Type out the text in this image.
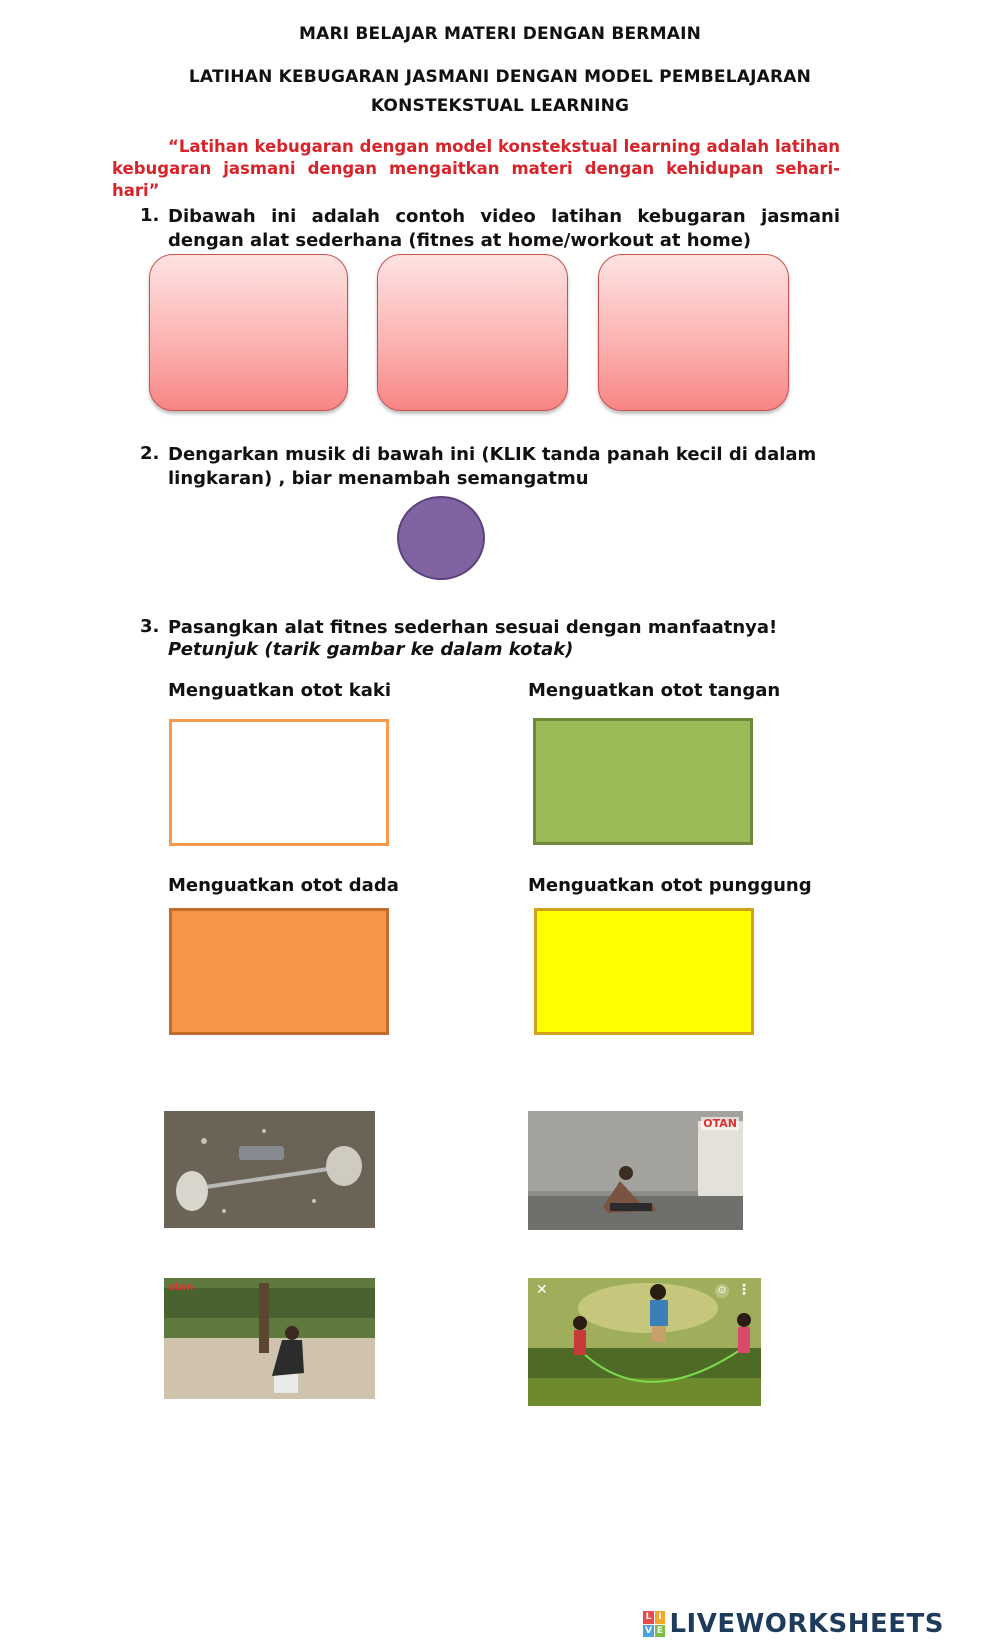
MARI BELAJAR MATERI DENGAN BERMAIN
LATIHAN KEBUGARAN JASMANI DENGAN MODEL PEMBELAJARAN
KONSTEKSTUAL LEARNING
“Latihan kebugaran dengan model konstekstual learning adalah latihan kebugaran jasmani dengan mengaitkan materi dengan kehidupan sehari-hari”
1. Dibawah ini adalah contoh video latihan kebugaran jasmani dengan alat sederhana (fitnes at home/workout at home)
2. Dengarkan musik di bawah ini (KLIK tanda panah kecil di dalam lingkaran) , biar menambah semangatmu
3. Pasangkan alat fitnes sederhan sesuai dengan manfaatnya!
Petunjuk (tarik gambar ke dalam kotak)
Menguatkan otot kaki	Menguatkan otot tangan
Menguatkan otot dada	Menguatkan otot punggung
OTAN
otan	✕	⊙ ⋮
L I
V E LIVEWORKSHEETS
